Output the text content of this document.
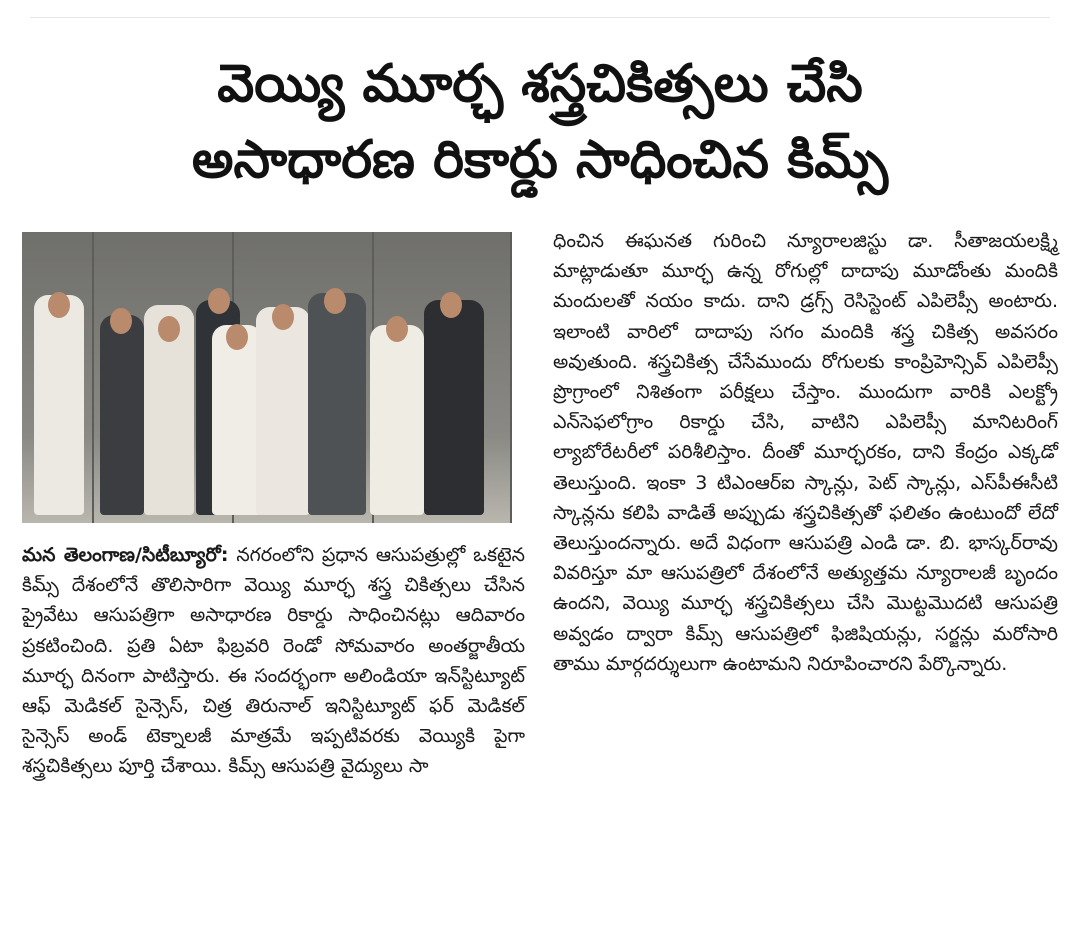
వెయ్యి మూర్ఛ శస్త్రచికిత్సలు చేసి
అసాధారణ రికార్డు సాధించిన కిమ్స్

మన తెలంగాణ/సిటీబ్యూరో: నగరంలోని ప్రధాన ఆసుపత్రుల్లో ఒకటైన కిమ్స్ దేశంలోనే తొలిసారిగా వెయ్యి మూర్ఛ శస్త్ర చికిత్సలు చేసిన ప్రైవేటు ఆసుపత్రిగా అసాధారణ రికార్డు సాధించినట్లు ఆదివారం ప్రకటించింది. ప్రతి ఏటా ఫిబ్రవరి రెండో సోమవారం అంతర్జాతీయ మూర్ఛ దినంగా పాటిస్తారు. ఈ సందర్భంగా అలిండియా ఇన్‌స్టిట్యూట్ ఆఫ్ మెడికల్ సైన్సెస్, చిత్ర తిరునాల్ ఇనిస్టిట్యూట్ ఫర్ మెడికల్ సైన్సెస్ అండ్ టెక్నాలజీ మాత్రమే ఇప్పటివరకు వెయ్యికి పైగా శస్త్రచికిత్సలు పూర్తి చేశాయి. కిమ్స్ ఆసుపత్రి వైద్యులు సా

ధించిన ఈఘనత గురించి న్యూరాలజిస్టు డా. సీతాజయలక్ష్మి మాట్లాడుతూ మూర్ఛ ఉన్న రోగుల్లో దాదాపు మూడోంతు మందికి మందులతో నయం కాదు. దాని డ్రగ్స్ రెసిస్టెంట్ ఎపిలెప్సీ అంటారు. ఇలాంటి వారిలో దాదాపు సగం మందికి శస్త్ర చికిత్స అవసరం అవుతుంది. శస్త్రచికిత్స చేసేముందు రోగులకు కాంప్రిహెన్సివ్ ఎపిలెప్సీ ప్రొగ్రాంలో నిశితంగా పరీక్షలు చేస్తాం. ముందుగా వారికి ఎలక్ట్రో ఎన్‌సెఫలోగ్రాం రికార్డు చేసి, వాటిని ఎపిలెప్సీ మానిటరింగ్ ల్యాబోరేటరీలో పరిశీలిస్తాం. దీంతో మూర్ఛరకం, దాని కేంద్రం ఎక్కడో తెలుస్తుంది. ఇంకా 3 టిఎంఆర్‌ఐ స్కాన్లు, పెట్ స్కాన్లు, ఎస్‌పీఈసీటి స్కాన్లను కలిపి వాడితే అప్పుడు శస్త్రచికిత్సతో ఫలితం ఉంటుందో లేదో తెలుస్తుందన్నారు. అదే విధంగా ఆసుపత్రి ఎండి డా. బి. భాస్కర్‌రావు వివరిస్తూ మా ఆసుపత్రిలో దేశంలోనే అత్యుత్తమ న్యూరాలజీ బృందం ఉందని, వెయ్యి మూర్ఛ శస్త్రచికిత్సలు చేసి మొట్టమొదటి ఆసుపత్రి అవ్వడం ద్వారా కిమ్స్ ఆసుపత్రిలో ఫిజిషియన్లు, సర్జన్లు మరోసారి తాము మార్గదర్శులుగా ఉంటామని నిరూపించారని పేర్కొన్నారు.
